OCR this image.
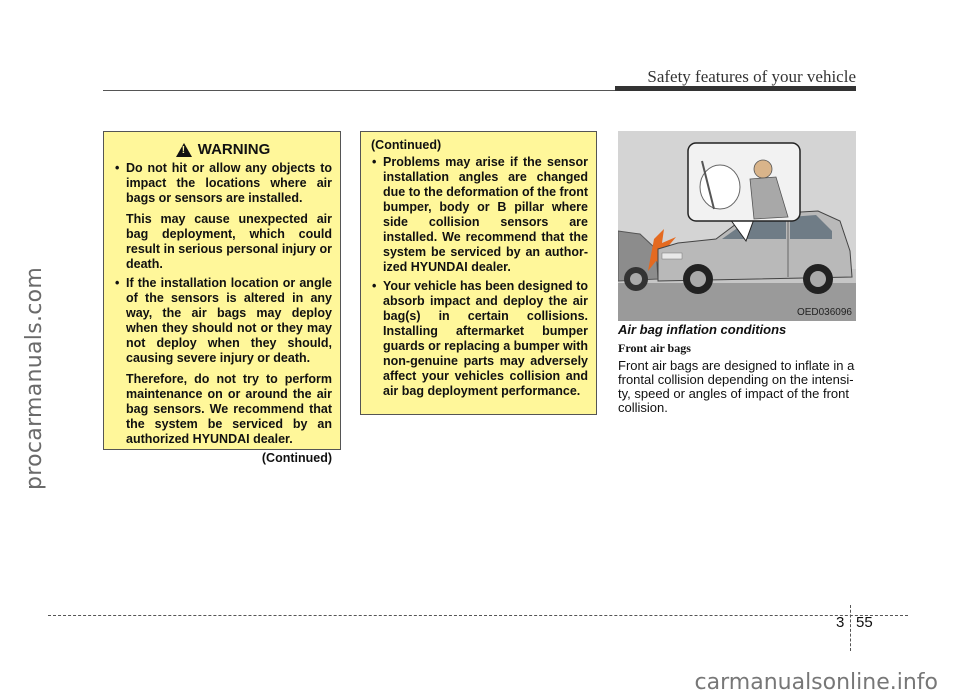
procarmanuals.com
Safety features of your vehicle
! WARNING

• Do not hit or allow any objects to impact the locations where air bags or sensors are installed.

This may cause unexpected air bag deployment, which could result in serious personal injury or death.

• If the installation location or angle of the sensors is altered in any way, the air bags may deploy when they should not or they may not deploy when they should, causing severe injury or death.

Therefore, do not try to perform maintenance on or around the air bag sensors. We recommend that the system be serviced by an authorized HYUNDAI dealer.

(Continued)
(Continued)

• Problems may arise if the sensor installation angles are changed due to the deformation of the front bumper, body or B pillar where side collision sensors are installed. We recommend that the system be serviced by an author-ized HYUNDAI dealer.

• Your vehicle has been designed to absorb impact and deploy the air bag(s) in certain collisions. Installing aftermarket bumper guards or replacing a bumper with non-genuine parts may adversely affect your vehicles collision and air bag deployment performance.

OED036096
Air bag inflation conditions
Front air bags

Front air bags are designed to inflate in a frontal collision depending on the intensi-ty, speed or angles of impact of the front collision.

3 55
carmanualsonline.info
